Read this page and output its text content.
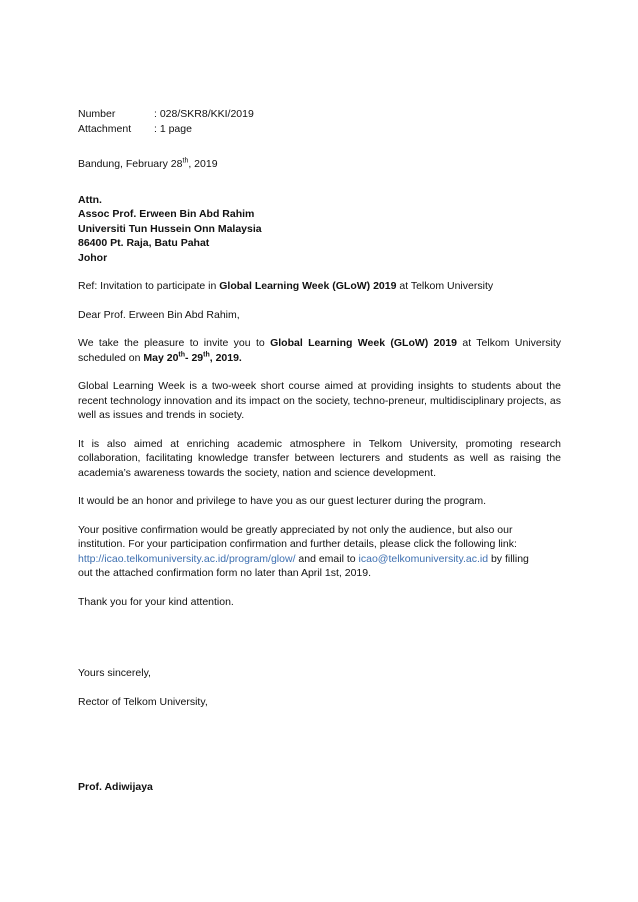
Number	: 028/SKR8/KKI/2019
Attachment	: 1 page

Bandung, February 28th, 2019

Attn.
Assoc Prof. Erween Bin Abd Rahim
Universiti Tun Hussein Onn Malaysia
86400 Pt. Raja, Batu Pahat
Johor

Ref: Invitation to participate in Global Learning Week (GLoW) 2019 at Telkom University

Dear Prof. Erween Bin Abd Rahim,

We take the pleasure to invite you to Global Learning Week (GLoW) 2019 at Telkom University scheduled on May 20th- 29th, 2019.

Global Learning Week is a two-week short course aimed at providing insights to students about the recent technology innovation and its impact on the society, techno-preneur, multidisciplinary projects, as well as issues and trends in society.

It is also aimed at enriching academic atmosphere in Telkom University, promoting research collaboration, facilitating knowledge transfer between lecturers and students as well as raising the academia’s awareness towards the society, nation and science development.

It would be an honor and privilege to have you as our guest lecturer during the program.

Your positive confirmation would be greatly appreciated by not only the audience, but also our
institution. For your participation confirmation and further details, please click the following link:
http://icao.telkomuniversity.ac.id/program/glow/ and email to icao@telkomuniversity.ac.id by filling
out the attached confirmation form no later than April 1st, 2019.

Thank you for your kind attention.

Yours sincerely,

Rector of Telkom University,

Prof. Adiwijaya
